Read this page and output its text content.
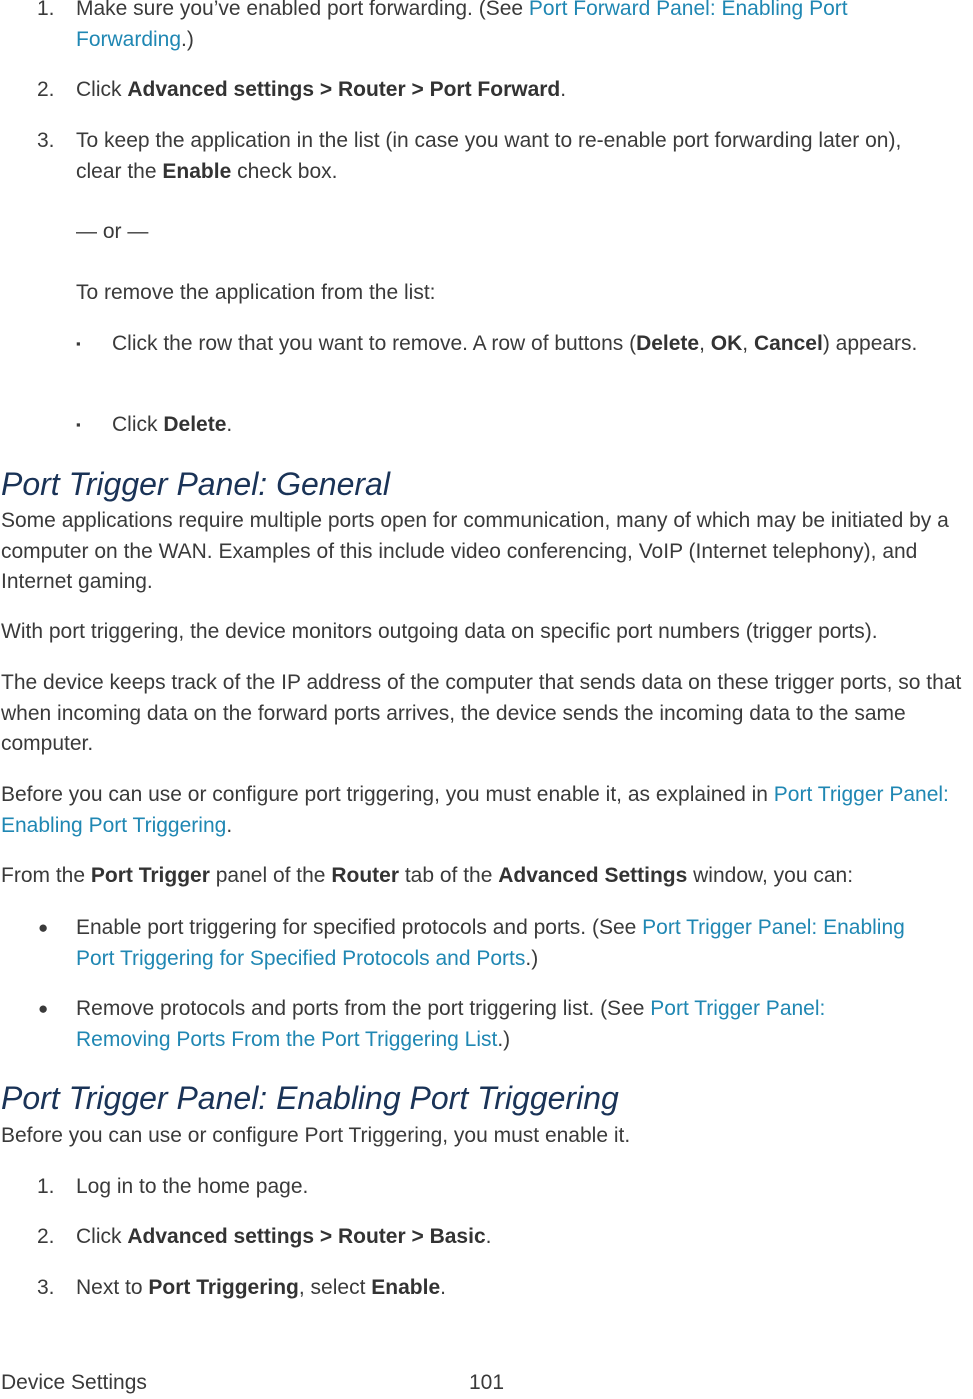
1. Make sure you’ve enabled port forwarding. (See Port Forward Panel: Enabling Port Forwarding.)
2. Click Advanced settings > Router > Port Forward.
3. To keep the application in the list (in case you want to re-enable port forwarding later on), clear the Enable check box.
— or —
To remove the application from the list:
▪ Click the row that you want to remove. A row of buttons (Delete, OK, Cancel) appears.
▪ Click Delete.
Port Trigger Panel: General
Some applications require multiple ports open for communication, many of which may be initiated by a computer on the WAN. Examples of this include video conferencing, VoIP (Internet telephony), and Internet gaming.
With port triggering, the device monitors outgoing data on specific port numbers (trigger ports).
The device keeps track of the IP address of the computer that sends data on these trigger ports, so that when incoming data on the forward ports arrives, the device sends the incoming data to the same computer.
Before you can use or configure port triggering, you must enable it, as explained in Port Trigger Panel: Enabling Port Triggering.
From the Port Trigger panel of the Router tab of the Advanced Settings window, you can:
● Enable port triggering for specified protocols and ports. (See Port Trigger Panel: Enabling Port Triggering for Specified Protocols and Ports.)
● Remove protocols and ports from the port triggering list. (See Port Trigger Panel: Removing Ports From the Port Triggering List.)
Port Trigger Panel: Enabling Port Triggering
Before you can use or configure Port Triggering, you must enable it.
1. Log in to the home page.
2. Click Advanced settings > Router > Basic.
3. Next to Port Triggering, select Enable.
Device Settings	101
